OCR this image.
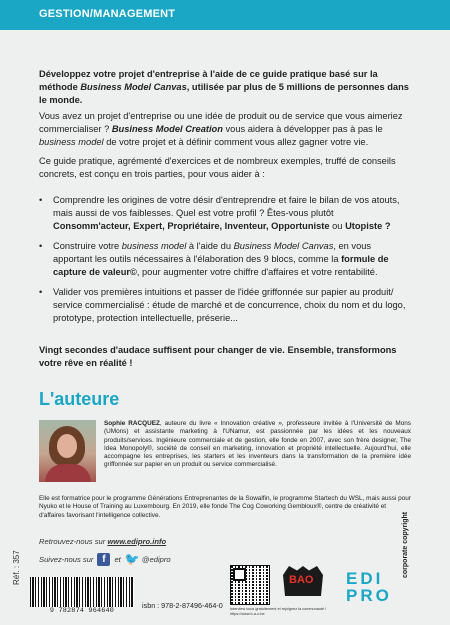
GESTION/MANAGEMENT
Développez votre projet d'entreprise à l'aide de ce guide pratique basé sur la méthode Business Model Canvas, utilisée par plus de 5 millions de personnes dans le monde.
Vous avez un projet d'entreprise ou une idée de produit ou de service que vous aimeriez commercialiser ? Business Model Creation vous aidera à développer pas à pas le business model de votre projet et à définir comment vous allez gagner votre vie.
Ce guide pratique, agrémenté d'exercices et de nombreux exemples, truffé de conseils concrets, est conçu en trois parties, pour vous aider à :
• Comprendre les origines de votre désir d'entreprendre et faire le bilan de vos atouts, mais aussi de vos faiblesses. Quel est votre profil ? Êtes-vous plutôt Consomm'acteur, Expert, Propriétaire, Inventeur, Opportuniste ou Utopiste ?
• Construire votre business model à l'aide du Business Model Canvas, en vous apportant les outils nécessaires à l'élaboration des 9 blocs, comme la formule de capture de valeur©, pour augmenter votre chiffre d'affaires et votre rentabilité.
• Valider vos premières intuitions et passer de l'idée griffonnée sur papier au produit/ service commercialisé : étude de marché et de concurrence, choix du nom et du logo, prototype, protection intellectuelle, préserie...
Vingt secondes d'audace suffisent pour changer de vie. Ensemble, transformons votre rêve en réalité !
L'auteure
Sophie RACQUEZ, auteure du livre « Innovation créative », professeure invitée à l'Université de Mons (UMons) et assistante marketing à l'UNamur, est passionnée par les idées et les nouveaux produits/services. Ingénieure commerciale et de gestion, elle fonde en 2007, avec son frère designer, The Idea Monopoly®, société de conseil en marketing, innovation et propriété intellectuelle. Aujourd'hui, elle accompagne les entreprises, les starters et les inventeurs dans la transformation de la première idée griffonnée sur papier en un produit ou service commercialisé.
Elle est formatrice pour le programme Générations Entreprenantes de la Sowalfin, le programme Startech du WSL, mais aussi pour Nyuko et le House of Training au Luxembourg. En 2019, elle fonde The Cog Coworking Gembloux®, centre de créativité et d'affaires favorisant l'intelligence collective.
Retrouvez-nous sur www.edipro.info
Suivez-nous sur f	et 🐦 @edipro
Réf. : 357
9 782874 964640
isbn : 978-2-87496-464-0
BAO
Interview vous gratuitement et rejoignez la communauté ! https://www.b-a-o.be
EDI
PRO
corporate copyright
